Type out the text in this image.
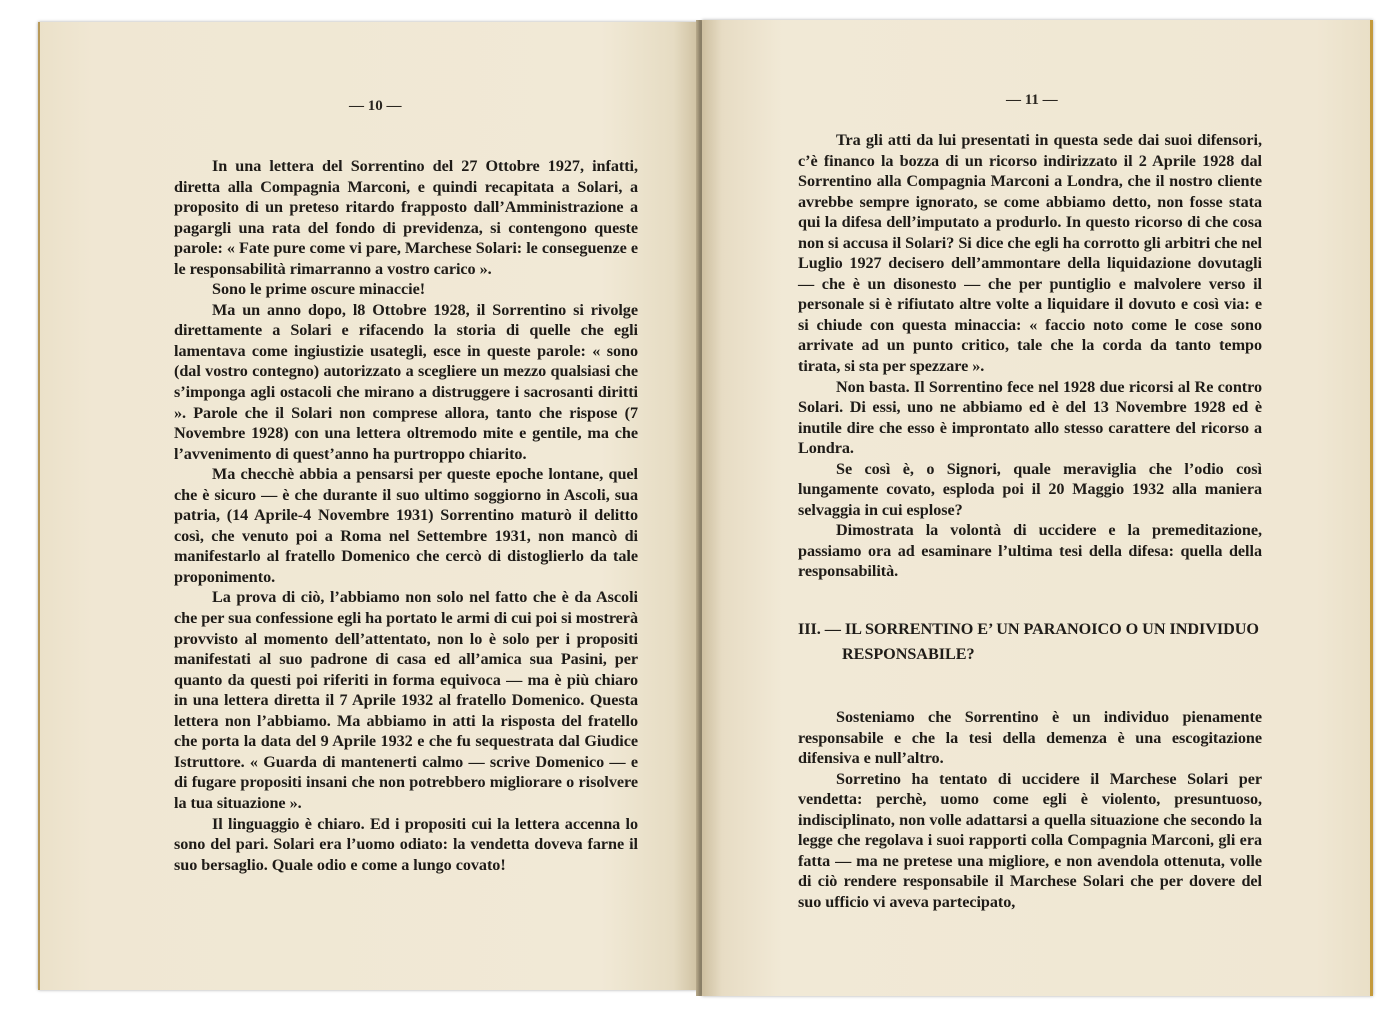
— 10 —

In una lettera del Sorrentino del 27 Ottobre 1927, infatti, diretta alla Compagnia Marconi, e quindi recapitata a Solari, a proposito di un preteso ritardo frapposto dall’Amministrazione a pagargli una rata del fondo di previdenza, si contengono queste parole: « Fate pure come vi pare, Marchese Solari: le conseguenze e le responsabilità rimarranno a vostro carico ».

Sono le prime oscure minaccie!

Ma un anno dopo, l8 Ottobre 1928, il Sorrentino si rivolge direttamente a Solari e rifacendo la storia di quelle che egli lamentava come ingiustizie usategli, esce in queste parole: « sono (dal vostro contegno) autorizzato a scegliere un mezzo qualsiasi che s’imponga agli ostacoli che mirano a distruggere i sacrosanti diritti ». Parole che il Solari non comprese allora, tanto che rispose (7 Novembre 1928) con una lettera oltremodo mite e gentile, ma che l’avvenimento di quest’anno ha purtroppo chiarito.

Ma checchè abbia a pensarsi per queste epoche lontane, quel che è sicuro — è che durante il suo ultimo soggiorno in Ascoli, sua patria, (14 Aprile-4 Novembre 1931) Sorrentino maturò il delitto così, che venuto poi a Roma nel Settembre 1931, non mancò di manifestarlo al fratello Domenico che cercò di distoglierlo da tale proponimento.

La prova di ciò, l’abbiamo non solo nel fatto che è da Ascoli che per sua confessione egli ha portato le armi di cui poi si mostrerà provvisto al momento dell’attentato, non lo è solo per i propositi manifestati al suo padrone di casa ed all’amica sua Pasini, per quanto da questi poi riferiti in forma equivoca — ma è più chiaro in una lettera diretta il 7 Aprile 1932 al fratello Domenico. Questa lettera non l’abbiamo. Ma abbiamo in atti la risposta del fratello che porta la data del 9 Aprile 1932 e che fu sequestrata dal Giudice Istruttore. « Guarda di mantenerti calmo — scrive Domenico — e di fugare propositi insani che non potrebbero migliorare o risolvere la tua situazione ».

Il linguaggio è chiaro. Ed i propositi cui la lettera accenna lo sono del pari. Solari era l’uomo odiato: la vendetta doveva farne il suo bersaglio. Quale odio e come a lungo covato!

— 11 —

Tra gli atti da lui presentati in questa sede dai suoi difensori, c’è financo la bozza di un ricorso indirizzato il 2 Aprile 1928 dal Sorrentino alla Compagnia Marconi a Londra, che il nostro cliente avrebbe sempre ignorato, se come abbiamo detto, non fosse stata qui la difesa dell’imputato a produrlo. In questo ricorso di che cosa non si accusa il Solari? Si dice che egli ha corrotto gli arbitri che nel Luglio 1927 decisero dell’ammontare della liquidazione dovutagli — che è un disonesto — che per puntiglio e malvolere verso il personale si è rifiutato altre volte a liquidare il dovuto e così via: e si chiude con questa minaccia: « faccio noto come le cose sono arrivate ad un punto critico, tale che la corda da tanto tempo tirata, si sta per spezzare ».

Non basta. Il Sorrentino fece nel 1928 due ricorsi al Re contro Solari. Di essi, uno ne abbiamo ed è del 13 Novembre 1928 ed è inutile dire che esso è improntato allo stesso carattere del ricorso a Londra.

Se così è, o Signori, quale meraviglia che l’odio così lungamente covato, esploda poi il 20 Maggio 1932 alla maniera selvaggia in cui esplose?

Dimostrata la volontà di uccidere e la premeditazione, passiamo ora ad esaminare l’ultima tesi della difesa: quella della responsabilità.

III. — IL SORRENTINO E’ UN PARANOICO O UN INDIVIDUO
RESPONSABILE?

Sosteniamo che Sorrentino è un individuo pienamente responsabile e che la tesi della demenza è una escogitazione difensiva e null’altro.

Sorretino ha tentato di uccidere il Marchese Solari per vendetta: perchè, uomo come egli è violento, presuntuoso, indisciplinato, non volle adattarsi a quella situazione che secondo la legge che regolava i suoi rapporti colla Compagnia Marconi, gli era fatta — ma ne pretese una migliore, e non avendola ottenuta, volle di ciò rendere responsabile il Marchese Solari che per dovere del suo ufficio vi aveva partecipato,
